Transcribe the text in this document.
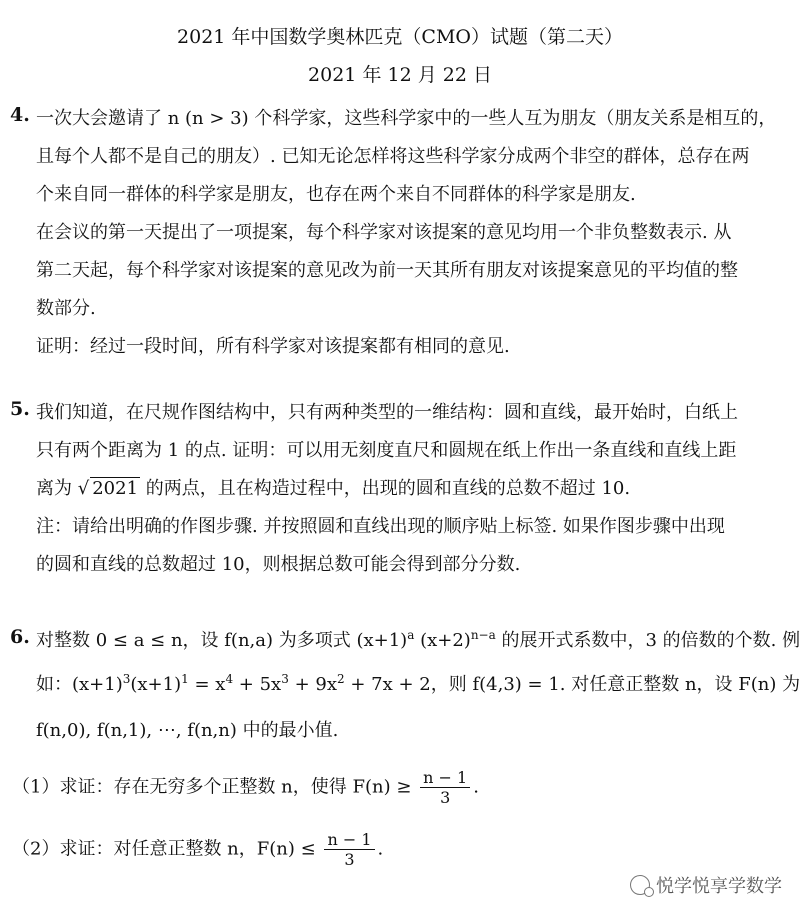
2021 年中国数学奥林匹克（CMO）试题（第二天）
2021 年 12 月 22 日
4. 一次大会邀请了 n (n > 3) 个科学家，这些科学家中的一些人互为朋友（朋友关系是相互的，
且每个人都不是自己的朋友）. 已知无论怎样将这些科学家分成两个非空的群体，总存在两
个来自同一群体的科学家是朋友，也存在两个来自不同群体的科学家是朋友.
在会议的第一天提出了一项提案，每个科学家对该提案的意见均用一个非负整数表示. 从
第二天起，每个科学家对该提案的意见改为前一天其所有朋友对该提案意见的平均值的整
数部分.
证明：经过一段时间，所有科学家对该提案都有相同的意见.
5. 我们知道，在尺规作图结构中，只有两种类型的一维结构：圆和直线，最开始时，白纸上
只有两个距离为 1 的点. 证明：可以用无刻度直尺和圆规在纸上作出一条直线和直线上距
离为 √ 2021 的两点，且在构造过程中，出现的圆和直线的总数不超过 10.
注：请给出明确的作图步骤. 并按照圆和直线出现的顺序贴上标签. 如果作图步骤中出现
的圆和直线的总数超过 10，则根据总数可能会得到部分分数.
6. 对整数 0 ≤ a ≤ n，设 f(n,a) 为多项式 $(x+1)^a$ $(x+2)^{n-a}$ 的展开式系数中，3 的倍数的个数. 例
如：$(x+1)^3(x+1)^1 = x^4 + 5x^3 + 9x^2 + 7x + 2$，则 f(4,3) = 1. 对任意正整数 n，设 F(n) 为
f(n,0), f(n,1), ⋯, f(n,n) 中的最小值.
（1）求证：存在无穷多个正整数 n，使得 $F(n) \ge \frac{n - 1}{3}$ .
（2）求证：对任意正整数 n，$F(n) \le \frac{n - 1}{3}$ .
悦学悦享学数学
